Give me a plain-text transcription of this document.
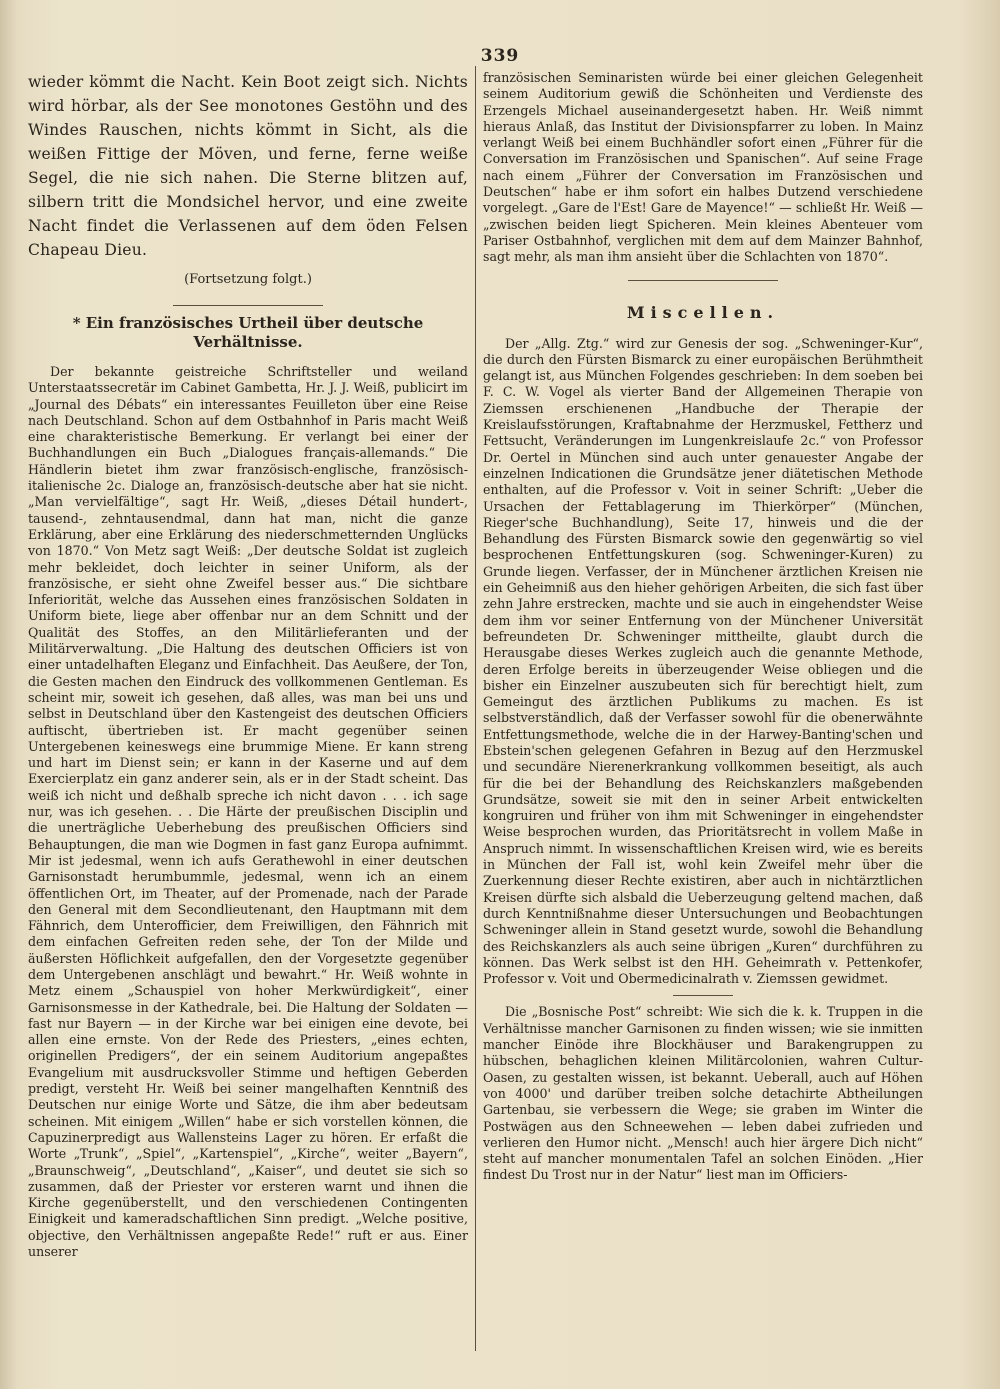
339

wieder kömmt die Nacht. Kein Boot zeigt sich. Nichts wird hörbar, als der See monotones Gestöhn und des Windes Rauschen, nichts kömmt in Sicht, als die weißen Fittige der Möven, und ferne, ferne weiße Segel, die nie sich nahen. Die Sterne blitzen auf, silbern tritt die Mondsichel hervor, und eine zweite Nacht findet die Verlassenen auf dem öden Felsen Chapeau Dieu.

(Fortsetzung folgt.)
* Ein französisches Urtheil über deutsche Verhältnisse.

Der bekannte geistreiche Schriftsteller und weiland Unterstaatssecretär im Cabinet Gambetta, Hr. J. J. Weiß, publicirt im „Journal des Débats“ ein interessantes Feuilleton über eine Reise nach Deutschland. Schon auf dem Ostbahnhof in Paris macht Weiß eine charakteristische Bemerkung. Er verlangt bei einer der Buchhandlungen ein Buch „Dialogues français-allemands.“ Die Händlerin bietet ihm zwar französisch-englische, französisch-italienische 2c. Dialoge an, französisch-deutsche aber hat sie nicht. „Man vervielfältige“, sagt Hr. Weiß, „dieses Détail hundert-, tausend-, zehntausendmal, dann hat man, nicht die ganze Erklärung, aber eine Erklärung des niederschmetternden Unglücks von 1870.“ Von Metz sagt Weiß: „Der deutsche Soldat ist zugleich mehr bekleidet, doch leichter in seiner Uniform, als der französische, er sieht ohne Zweifel besser aus.“ Die sichtbare Inferiorität, welche das Aussehen eines französischen Soldaten in Uniform biete, liege aber offenbar nur an dem Schnitt und der Qualität des Stoffes, an den Militärlieferanten und der Militärverwaltung. „Die Haltung des deutschen Officiers ist von einer untadelhaften Eleganz und Einfachheit. Das Aeußere, der Ton, die Gesten machen den Eindruck des vollkommenen Gentleman. Es scheint mir, soweit ich gesehen, daß alles, was man bei uns und selbst in Deutschland über den Kastengeist des deutschen Officiers auftischt, übertrieben ist. Er macht gegenüber seinen Untergebenen keineswegs eine brummige Miene. Er kann streng und hart im Dienst sein; er kann in der Kaserne und auf dem Exercierplatz ein ganz anderer sein, als er in der Stadt scheint. Das weiß ich nicht und deßhalb spreche ich nicht davon . . . ich sage nur, was ich gesehen. . . Die Härte der preußischen Disciplin und die unerträgliche Ueberhebung des preußischen Officiers sind Behauptungen, die man wie Dogmen in fast ganz Europa aufnimmt. Mir ist jedesmal, wenn ich aufs Gerathewohl in einer deutschen Garnisonstadt herumbummle, jedesmal, wenn ich an einem öffentlichen Ort, im Theater, auf der Promenade, nach der Parade den General mit dem Secondlieutenant, den Hauptmann mit dem Fähnrich, dem Unterofficier, dem Freiwilligen, den Fähnrich mit dem einfachen Gefreiten reden sehe, der Ton der Milde und äußersten Höflichkeit aufgefallen, den der Vorgesetzte gegenüber dem Untergebenen anschlägt und bewahrt.“ Hr. Weiß wohnte in Metz einem „Schauspiel von hoher Merkwürdigkeit“, einer Garnisonsmesse in der Kathedrale, bei. Die Haltung der Soldaten — fast nur Bayern — in der Kirche war bei einigen eine devote, bei allen eine ernste. Von der Rede des Priesters, „eines echten, originellen Predigers“, der ein seinem Auditorium angepaßtes Evangelium mit ausdrucksvoller Stimme und heftigen Geberden predigt, versteht Hr. Weiß bei seiner mangelhaften Kenntniß des Deutschen nur einige Worte und Sätze, die ihm aber bedeutsam scheinen. Mit einigem „Willen“ habe er sich vorstellen können, die Capuzinerpredigt aus Wallensteins Lager zu hören. Er erfaßt die Worte „Trunk“, „Spiel“, „Kartenspiel“, „Kirche“, weiter „Bayern“, „Braunschweig“, „Deutschland“, „Kaiser“, und deutet sie sich so zusammen, daß der Priester vor ersteren warnt und ihnen die Kirche gegenüberstellt, und den verschiedenen Contingenten Einigkeit und kameradschaftlichen Sinn predigt. „Welche positive, objective, den Verhältnissen angepaßte Rede!“ ruft er aus. Einer unserer

französischen Seminaristen würde bei einer gleichen Gelegenheit seinem Auditorium gewiß die Schönheiten und Verdienste des Erzengels Michael auseinandergesetzt haben. Hr. Weiß nimmt hieraus Anlaß, das Institut der Divisionspfarrer zu loben. In Mainz verlangt Weiß bei einem Buchhändler sofort einen „Führer für die Conversation im Französischen und Spanischen“. Auf seine Frage nach einem „Führer der Conversation im Französischen und Deutschen“ habe er ihm sofort ein halbes Dutzend verschiedene vorgelegt. „Gare de l'Est! Gare de Mayence!“ — schließt Hr. Weiß — „zwischen beiden liegt Spicheren. Mein kleines Abenteuer vom Pariser Ostbahnhof, verglichen mit dem auf dem Mainzer Bahnhof, sagt mehr, als man ihm ansieht über die Schlachten von 1870“.

Miscellen.

Der „Allg. Ztg.“ wird zur Genesis der sog. „Schweninger-Kur“, die durch den Fürsten Bismarck zu einer europäischen Berühmtheit gelangt ist, aus München Folgendes geschrieben: In dem soeben bei F. C. W. Vogel als vierter Band der Allgemeinen Therapie von Ziemssen erschienenen „Handbuche der Therapie der Kreislaufsstörungen, Kraftabnahme der Herzmuskel, Fettherz und Fettsucht, Veränderungen im Lungenkreislaufe 2c.“ von Professor Dr. Oertel in München sind auch unter genauester Angabe der einzelnen Indicationen die Grundsätze jener diätetischen Methode enthalten, auf die Professor v. Voit in seiner Schrift: „Ueber die Ursachen der Fettablagerung im Thierkörper“ (München, Rieger'sche Buchhandlung), Seite 17, hinweis und die der Behandlung des Fürsten Bismarck sowie den gegenwärtig so viel besprochenen Entfettungskuren (sog. Schweninger-Kuren) zu Grunde liegen. Verfasser, der in Münchener ärztlichen Kreisen nie ein Geheimniß aus den hieher gehörigen Arbeiten, die sich fast über zehn Jahre erstrecken, machte und sie auch in eingehendster Weise dem ihm vor seiner Entfernung von der Münchener Universität befreundeten Dr. Schweninger mittheilte, glaubt durch die Herausgabe dieses Werkes zugleich auch die genannte Methode, deren Erfolge bereits in überzeugender Weise obliegen und die bisher ein Einzelner auszubeuten sich für berechtigt hielt, zum Gemeingut des ärztlichen Publikums zu machen. Es ist selbstverständlich, daß der Verfasser sowohl für die obenerwähnte Entfettungsmethode, welche die in der Harwey-Banting'schen und Ebstein'schen gelegenen Gefahren in Bezug auf den Herzmuskel und secundäre Nierenerkrankung vollkommen beseitigt, als auch für die bei der Behandlung des Reichskanzlers maßgebenden Grundsätze, soweit sie mit den in seiner Arbeit entwickelten kongruiren und früher von ihm mit Schweninger in eingehendster Weise besprochen wurden, das Prioritätsrecht in vollem Maße in Anspruch nimmt. In wissenschaftlichen Kreisen wird, wie es bereits in München der Fall ist, wohl kein Zweifel mehr über die Zuerkennung dieser Rechte existiren, aber auch in nichtärztlichen Kreisen dürfte sich alsbald die Ueberzeugung geltend machen, daß durch Kenntnißnahme dieser Untersuchungen und Beobachtungen Schweninger allein in Stand gesetzt wurde, sowohl die Behandlung des Reichskanzlers als auch seine übrigen „Kuren“ durchführen zu können. Das Werk selbst ist den HH. Geheimrath v. Pettenkofer, Professor v. Voit und Obermedicinalrath v. Ziemssen gewidmet.

Die „Bosnische Post“ schreibt: Wie sich die k. k. Truppen in die Verhältnisse mancher Garnisonen zu finden wissen; wie sie inmitten mancher Einöde ihre Blockhäuser und Barakengruppen zu hübschen, behaglichen kleinen Militärcolonien, wahren Cultur-Oasen, zu gestalten wissen, ist bekannt. Ueberall, auch auf Höhen von 4000' und darüber treiben solche detachirte Abtheilungen Gartenbau, sie verbessern die Wege; sie graben im Winter die Postwägen aus den Schneewehen — leben dabei zufrieden und verlieren den Humor nicht. „Mensch! auch hier ärgere Dich nicht“ steht auf mancher monumentalen Tafel an solchen Einöden. „Hier findest Du Trost nur in der Natur“ liest man im Officiers-
